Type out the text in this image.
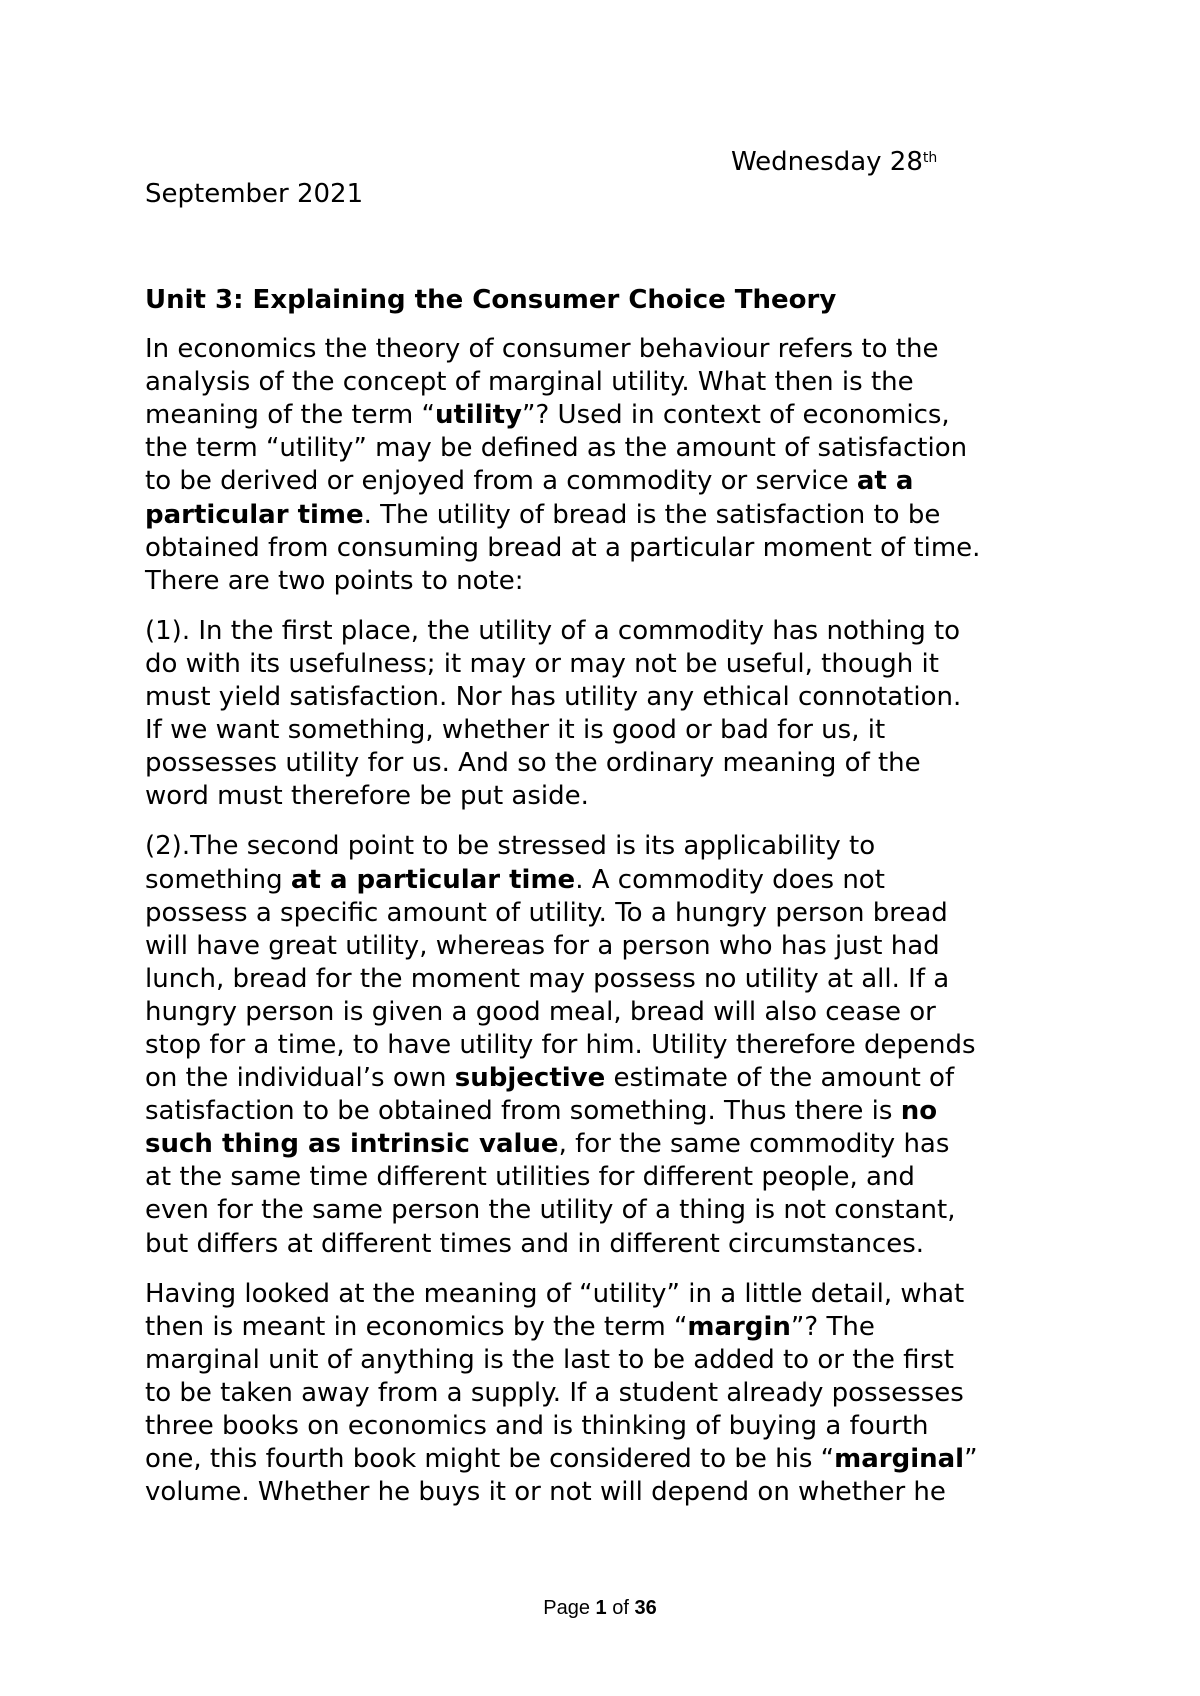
Wednesday 28th
September 2021
Unit 3: Explaining the Consumer Choice Theory
In economics the theory of consumer behaviour refers to the
analysis of the concept of marginal utility. What then is the
meaning of the term “utility”? Used in context of economics,
the term “utility” may be defined as the amount of satisfaction
to be derived or enjoyed from a commodity or service at a
particular time. The utility of bread is the satisfaction to be
obtained from consuming bread at a particular moment of time.
There are two points to note:
(1). In the first place, the utility of a commodity has nothing to
do with its usefulness; it may or may not be useful, though it
must yield satisfaction. Nor has utility any ethical connotation.
If we want something, whether it is good or bad for us, it
possesses utility for us. And so the ordinary meaning of the
word must therefore be put aside.
(2).The second point to be stressed is its applicability to
something at a particular time. A commodity does not
possess a specific amount of utility. To a hungry person bread
will have great utility, whereas for a person who has just had
lunch, bread for the moment may possess no utility at all. If a
hungry person is given a good meal, bread will also cease or
stop for a time, to have utility for him. Utility therefore depends
on the individual’s own subjective estimate of the amount of
satisfaction to be obtained from something. Thus there is no
such thing as intrinsic value, for the same commodity has
at the same time different utilities for different people, and
even for the same person the utility of a thing is not constant,
but differs at different times and in different circumstances.
Having looked at the meaning of “utility” in a little detail, what
then is meant in economics by the term “margin”? The
marginal unit of anything is the last to be added to or the first
to be taken away from a supply. If a student already possesses
three books on economics and is thinking of buying a fourth
one, this fourth book might be considered to be his “marginal”
volume. Whether he buys it or not will depend on whether he
Page 1 of 36
